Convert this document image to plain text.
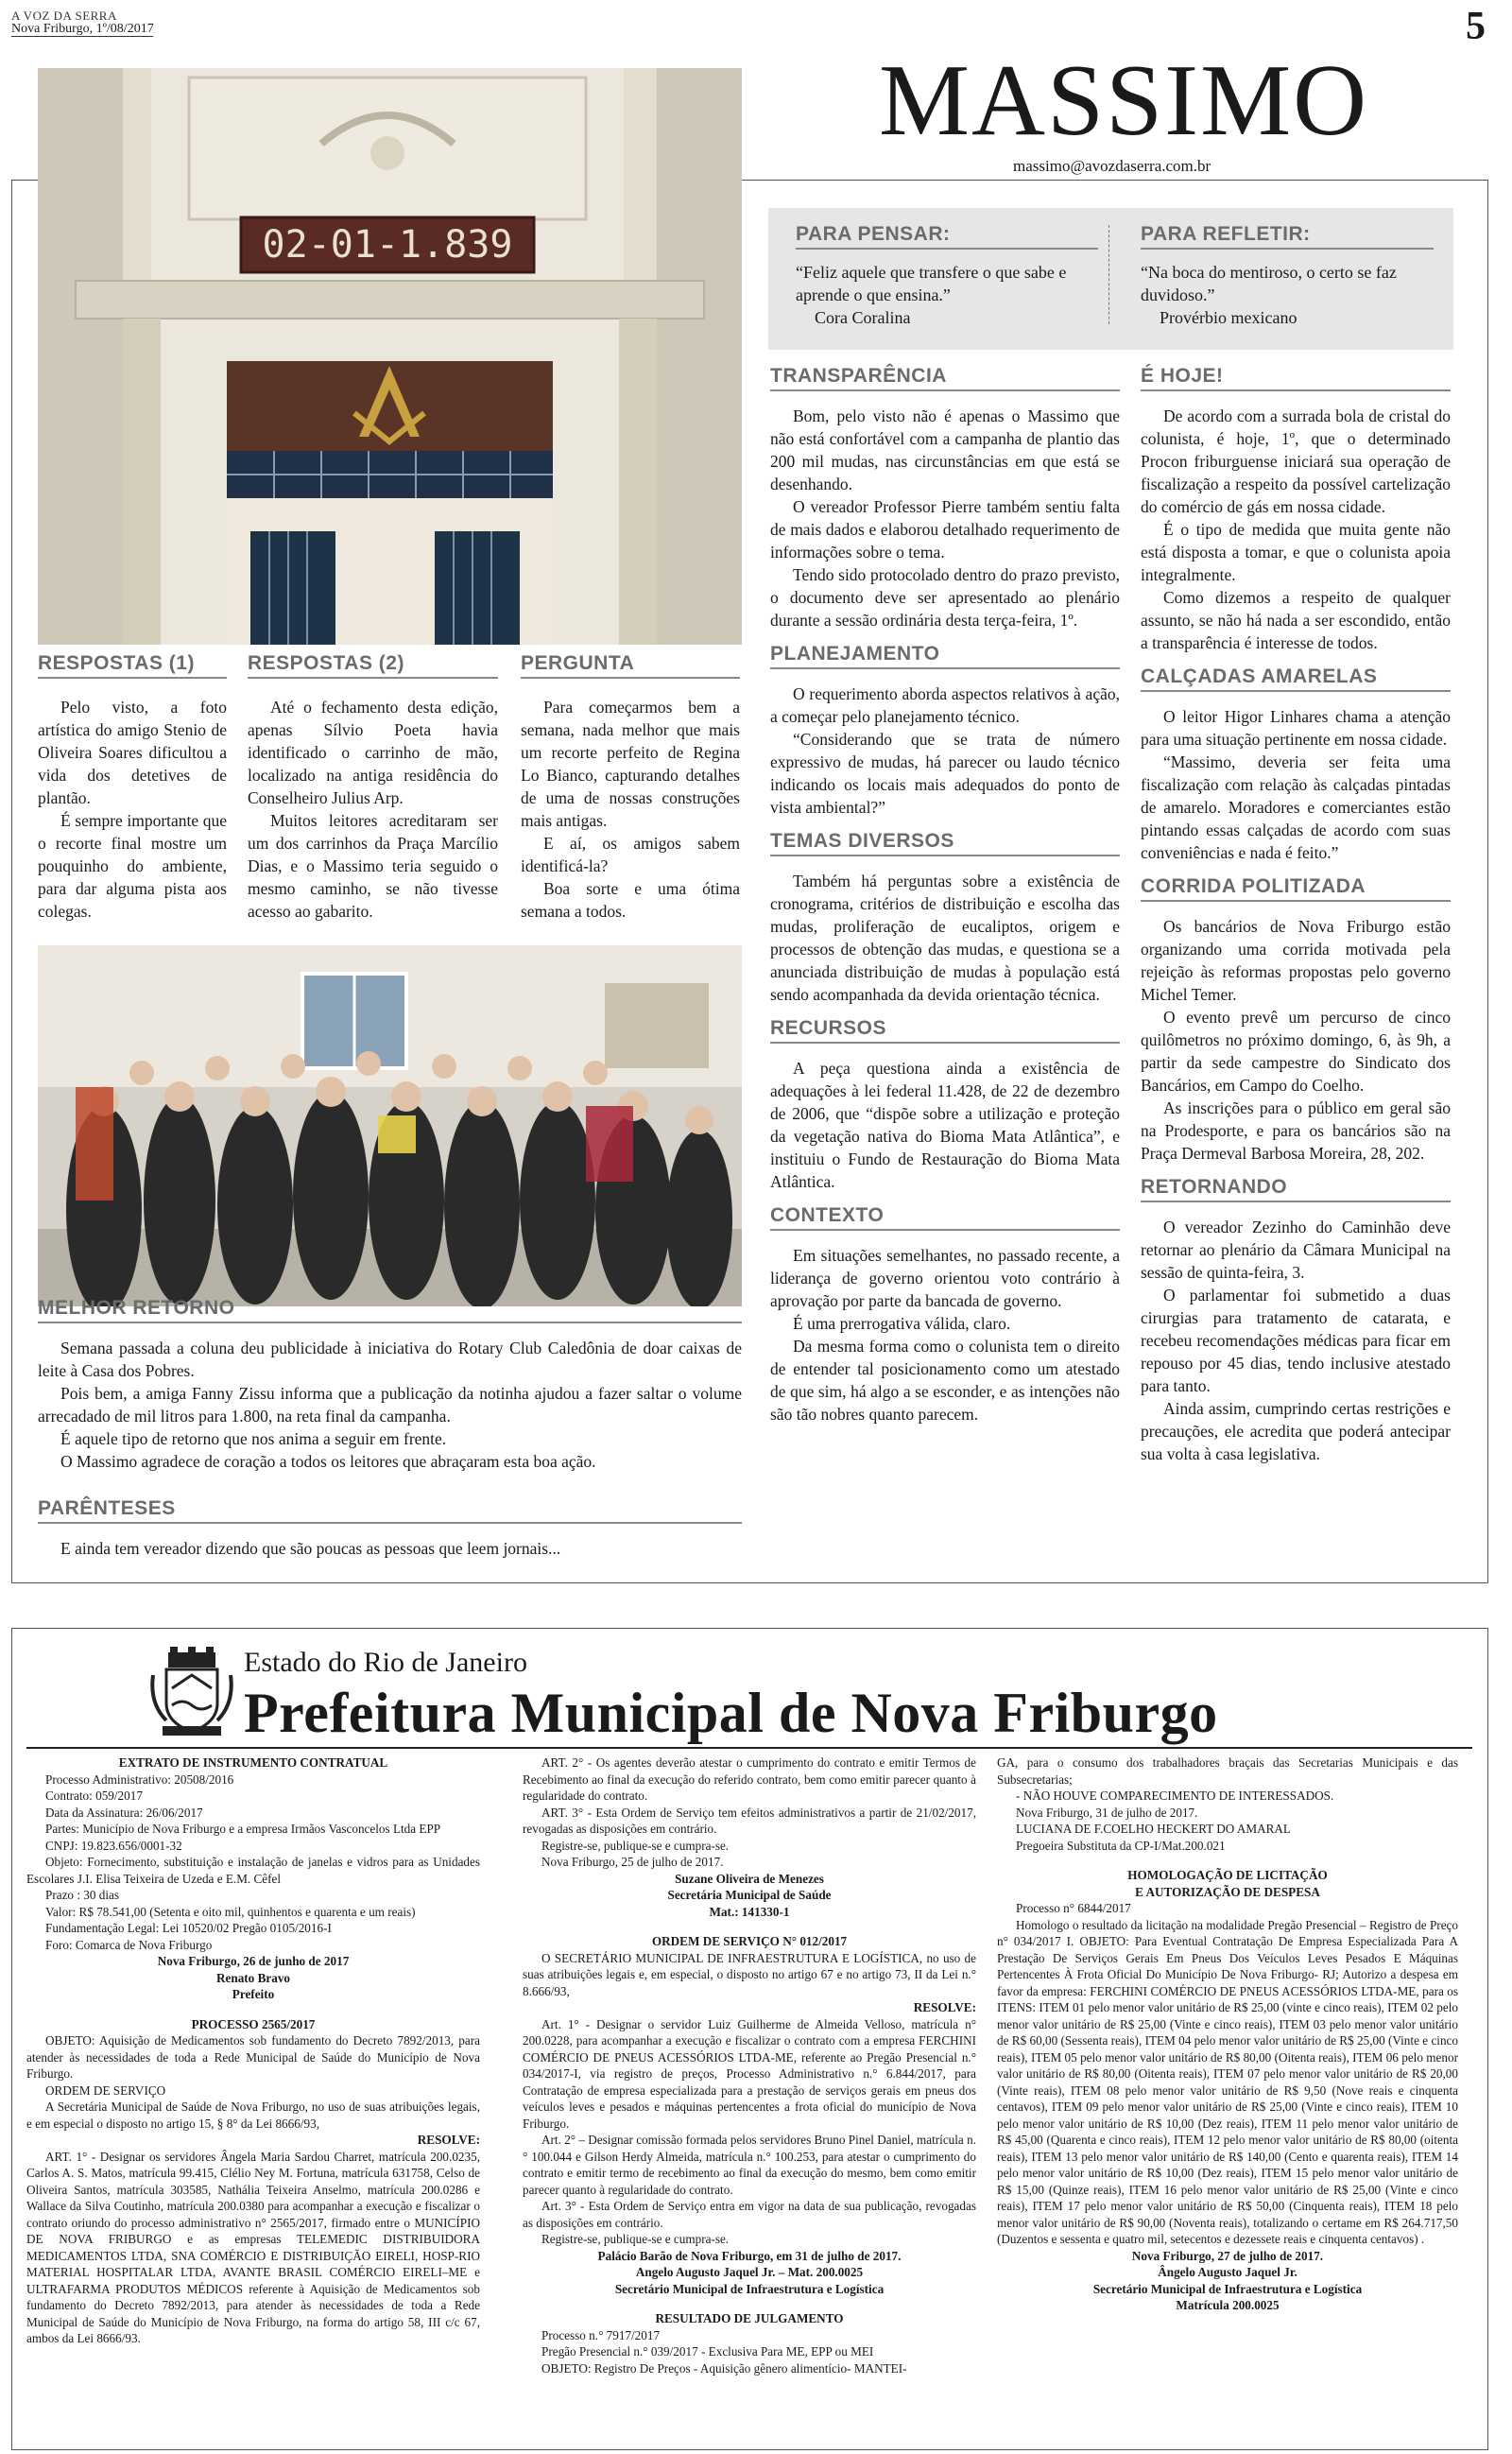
A VOZ DA SERRA
Nova Friburgo, 1º/08/2017	5
MASSIMO
massimo@avozdaserra.com.br
02-01-1.839	PARA PENSAR:
“Feliz aquele que transfere o que sabe e aprende o que ensina.”
Cora Coralina
PARA REFLETIR:
“Na boca do mentiroso, o certo se faz duvidoso.”
Provérbio mexicano
RESPOSTAS (1)

Pelo visto, a foto artística do amigo Stenio de Oliveira Soares dificultou a vida dos detetives de plantão.

É sempre importante que o recorte final mostre um pouquinho do ambiente, para dar alguma pista aos colegas.

RESPOSTAS (2)

Até o fechamento desta edição, apenas Sílvio Poeta havia identificado o carrinho de mão, localizado na antiga residência do Conselheiro Julius Arp.

Muitos leitores acreditaram ser um dos carrinhos da Praça Marcílio Dias, e o Massimo teria seguido o mesmo caminho, se não tivesse acesso ao gabarito.

PERGUNTA

Para começarmos bem a semana, nada melhor que mais um recorte perfeito de Regina Lo Bianco, capturando detalhes de uma de nossas construções mais antigas.

E aí, os amigos sabem identificá-la?

Boa sorte e uma ótima semana a todos.

MELHOR RETORNO

Semana passada a coluna deu publicidade à iniciativa do Rotary Club Caledônia de doar caixas de leite à Casa dos Pobres.

Pois bem, a amiga Fanny Zissu informa que a publicação da notinha ajudou a fazer saltar o volume arrecadado de mil litros para 1.800, na reta final da campanha.

É aquele tipo de retorno que nos anima a seguir em frente.

O Massimo agradece de coração a todos os leitores que abraçaram esta boa ação.

PARÊNTESES

E ainda tem vereador dizendo que são poucas as pessoas que leem jornais...

TRANSPARÊNCIA

Bom, pelo visto não é apenas o Massimo que não está confortável com a campanha de plantio das 200 mil mudas, nas circunstâncias em que está se desenhando.

O vereador Professor Pierre também sentiu falta de mais dados e elaborou detalhado requerimento de informações sobre o tema.

Tendo sido protocolado dentro do prazo previsto, o documento deve ser apresentado ao plenário durante a sessão ordinária desta terça-feira, 1º.

PLANEJAMENTO

O requerimento aborda aspectos relativos à ação, a começar pelo planejamento técnico.

“Considerando que se trata de número expressivo de mudas, há parecer ou laudo técnico indicando os locais mais adequados do ponto de vista ambiental?”

TEMAS DIVERSOS

Também há perguntas sobre a existência de cronograma, critérios de distribuição e escolha das mudas, proliferação de eucaliptos, origem e processos de obtenção das mudas, e questiona se a anunciada distribuição de mudas à população está sendo acompanhada da devida orientação técnica.

RECURSOS

A peça questiona ainda a existência de adequações à lei federal 11.428, de 22 de dezembro de 2006, que “dispõe sobre a utilização e proteção da vegetação nativa do Bioma Mata Atlântica”, e instituiu o Fundo de Restauração do Bioma Mata Atlântica.

CONTEXTO

Em situações semelhantes, no passado recente, a liderança de governo orientou voto contrário à aprovação por parte da bancada de governo.

É uma prerrogativa válida, claro.

Da mesma forma como o colunista tem o direito de entender tal posicionamento como um atestado de que sim, há algo a se esconder, e as intenções não são tão nobres quanto parecem.

É HOJE!

De acordo com a surrada bola de cristal do colunista, é hoje, 1º, que o determinado Procon friburguense iniciará sua operação de fiscalização a respeito da possível cartelização do comércio de gás em nossa cidade.

É o tipo de medida que muita gente não está disposta a tomar, e que o colunista apoia integralmente.

Como dizemos a respeito de qualquer assunto, se não há nada a ser escondido, então a transparência é interesse de todos.

CALÇADAS AMARELAS

O leitor Higor Linhares chama a atenção para uma situação pertinente em nossa cidade.

“Massimo, deveria ser feita uma fiscalização com relação às calçadas pintadas de amarelo. Moradores e comerciantes estão pintando essas calçadas de acordo com suas conveniências e nada é feito.”

CORRIDA POLITIZADA

Os bancários de Nova Friburgo estão organizando uma corrida motivada pela rejeição às reformas propostas pelo governo Michel Temer.

O evento prevê um percurso de cinco quilômetros no próximo domingo, 6, às 9h, a partir da sede campestre do Sindicato dos Bancários, em Campo do Coelho.

As inscrições para o público em geral são na Prodesporte, e para os bancários são na Praça Dermeval Barbosa Moreira, 28, 202.

RETORNANDO

O vereador Zezinho do Caminhão deve retornar ao plenário da Câmara Municipal na sessão de quinta-feira, 3.

O parlamentar foi submetido a duas cirurgias para tratamento de catarata, e recebeu recomendações médicas para ficar em repouso por 45 dias, tendo inclusive atestado para tanto.

Ainda assim, cumprindo certas restrições e precauções, ele acredita que poderá antecipar sua volta à casa legislativa.

Estado do Rio de Janeiro
Prefeitura Municipal de Nova Friburgo
EXTRATO DE INSTRUMENTO CONTRATUAL
Processo Administrativo: 20508/2016
Contrato: 059/2017
Data da Assinatura: 26/06/2017
Partes: Município de Nova Friburgo e a empresa Irmãos Vasconcelos Ltda EPP
CNPJ: 19.823.656/0001-32
Objeto: Fornecimento, substituição e instalação de janelas e vidros para as Unidades Escolares J.I. Elisa Teixeira de Uzeda e E.M. Cêfel
Prazo : 30 dias
Valor: R$ 78.541,00 (Setenta e oito mil, quinhentos e quarenta e um reais)
Fundamentação Legal: Lei 10520/02 Pregão 0105/2016-I
Foro: Comarca de Nova Friburgo
Nova Friburgo, 26 de junho de 2017
Renato Bravo
Prefeito
PROCESSO 2565/2017
OBJETO: Aquisição de Medicamentos sob fundamento do Decreto 7892/2013, para atender às necessidades de toda a Rede Municipal de Saúde do Município de Nova Friburgo.
ORDEM DE SERVIÇO
A Secretária Municipal de Saúde de Nova Friburgo, no uso de suas atribuições legais, e em especial o disposto no artigo 15, § 8° da Lei 8666/93,
RESOLVE:
ART. 1° - Designar os servidores Ângela Maria Sardou Charret, matrícula 200.0235, Carlos A. S. Matos, matrícula 99.415, Clélio Ney M. Fortuna, matrícula 631758, Celso de Oliveira Santos, matrícula 303585, Nathália Teixeira Anselmo, matrícula 200.0286 e Wallace da Silva Coutinho, matrícula 200.0380 para acompanhar a execução e fiscalizar o contrato oriundo do processo administrativo n° 2565/2017, firmado entre o MUNICÍPIO DE NOVA FRIBURGO e as empresas TELEMEDIC DISTRIBUIDORA MEDICAMENTOS LTDA, SNA COMÉRCIO E DISTRIBUIÇÃO EIRELI, HOSP-RIO MATERIAL HOSPITALAR LTDA, AVANTE BRASIL COMÉRCIO EIRELI–ME e ULTRAFARMA PRODUTOS MÉDICOS referente à Aquisição de Medicamentos sob fundamento do Decreto 7892/2013, para atender às necessidades de toda a Rede Municipal de Saúde do Município de Nova Friburgo, na forma do artigo 58, III c/c 67, ambos da Lei 8666/93.
ART. 2° - Os agentes deverão atestar o cumprimento do contrato e emitir Termos de Recebimento ao final da execução do referido contrato, bem como emitir parecer quanto à regularidade do contrato.
ART. 3° - Esta Ordem de Serviço tem efeitos administrativos a partir de 21/02/2017, revogadas as disposições em contrário.
Registre-se, publique-se e cumpra-se.
Nova Friburgo, 25 de julho de 2017.
Suzane Oliveira de Menezes
Secretária Municipal de Saúde
Mat.: 141330-1
ORDEM DE SERVIÇO N° 012/2017
O SECRETÁRIO MUNICIPAL DE INFRAESTRUTURA E LOGÍSTICA, no uso de suas atribuições legais e, em especial, o disposto no artigo 67 e no artigo 73, II da Lei n.° 8.666/93,
RESOLVE:
Art. 1° - Designar o servidor Luiz Guilherme de Almeida Velloso, matrícula n° 200.0228, para acompanhar a execução e fiscalizar o contrato com a empresa FERCHINI COMÉRCIO DE PNEUS ACESSÓRIOS LTDA-ME, referente ao Pregão Presencial n.° 034/2017-I, via registro de preços, Processo Administrativo n.° 6.844/2017, para Contratação de empresa especializada para a prestação de serviços gerais em pneus dos veículos leves e pesados e máquinas pertencentes a frota oficial do município de Nova Friburgo.
Art. 2° – Designar comissão formada pelos servidores Bruno Pinel Daniel, matrícula n.° 100.044 e Gilson Herdy Almeida, matrícula n.° 100.253, para atestar o cumprimento do contrato e emitir termo de recebimento ao final da execução do mesmo, bem como emitir parecer quanto à regularidade do contrato.
Art. 3° - Esta Ordem de Serviço entra em vigor na data de sua publicação, revogadas as disposições em contrário.
Registre-se, publique-se e cumpra-se.
Palácio Barão de Nova Friburgo, em 31 de julho de 2017.
Angelo Augusto Jaquel Jr. – Mat. 200.0025
Secretário Municipal de Infraestrutura e Logística
RESULTADO DE JULGAMENTO
Processo n.° 7917/2017
Pregão Presencial n.° 039/2017 - Exclusiva Para ME, EPP ou MEI
OBJETO: Registro De Preços - Aquisição gênero alimentício- MANTEI-
GA, para o consumo dos trabalhadores braçais das Secretarias Municipais e das Subsecretarias;
- NÃO HOUVE COMPARECIMENTO DE INTERESSADOS.
Nova Friburgo, 31 de julho de 2017.
LUCIANA DE F.COELHO HECKERT DO AMARAL
Pregoeira Substituta da CP-I/Mat.200.021
HOMOLOGAÇÃO DE LICITAÇÃO
E AUTORIZAÇÃO DE DESPESA
Processo n° 6844/2017
Homologo o resultado da licitação na modalidade Pregão Presencial – Registro de Preço n° 034/2017 I. OBJETO: Para Eventual Contratação De Empresa Especializada Para A Prestação De Serviços Gerais Em Pneus Dos Veículos Leves Pesados E Máquinas Pertencentes À Frota Oficial Do Município De Nova Friburgo- RJ; Autorizo a despesa em favor da empresa: FERCHINI COMÉRCIO DE PNEUS ACESSÓRIOS LTDA-ME, para os ITENS: ITEM 01 pelo menor valor unitário de R$ 25,00 (vinte e cinco reais), ITEM 02 pelo menor valor unitário de R$ 25,00 (Vinte e cinco reais), ITEM 03 pelo menor valor unitário de R$ 60,00 (Sessenta reais), ITEM 04 pelo menor valor unitário de R$ 25,00 (Vinte e cinco reais), ITEM 05 pelo menor valor unitário de R$ 80,00 (Oitenta reais), ITEM 06 pelo menor valor unitário de R$ 80,00 (Oitenta reais), ITEM 07 pelo menor valor unitário de R$ 20,00 (Vinte reais), ITEM 08 pelo menor valor unitário de R$ 9,50 (Nove reais e cinquenta centavos), ITEM 09 pelo menor valor unitário de R$ 25,00 (Vinte e cinco reais), ITEM 10 pelo menor valor unitário de R$ 10,00 (Dez reais), ITEM 11 pelo menor valor unitário de R$ 45,00 (Quarenta e cinco reais), ITEM 12 pelo menor valor unitário de R$ 80,00 (oitenta reais), ITEM 13 pelo menor valor unitário de R$ 140,00 (Cento e quarenta reais), ITEM 14 pelo menor valor unitário de R$ 10,00 (Dez reais), ITEM 15 pelo menor valor unitário de R$ 15,00 (Quinze reais), ITEM 16 pelo menor valor unitário de R$ 25,00 (Vinte e cinco reais), ITEM 17 pelo menor valor unitário de R$ 50,00 (Cinquenta reais), ITEM 18 pelo menor valor unitário de R$ 90,00 (Noventa reais), totalizando o certame em R$ 264.717,50 (Duzentos e sessenta e quatro mil, setecentos e dezessete reais e cinquenta centavos) .
Nova Friburgo, 27 de julho de 2017.
Ângelo Augusto Jaquel Jr.
Secretário Municipal de Infraestrutura e Logística
Matrícula 200.0025
